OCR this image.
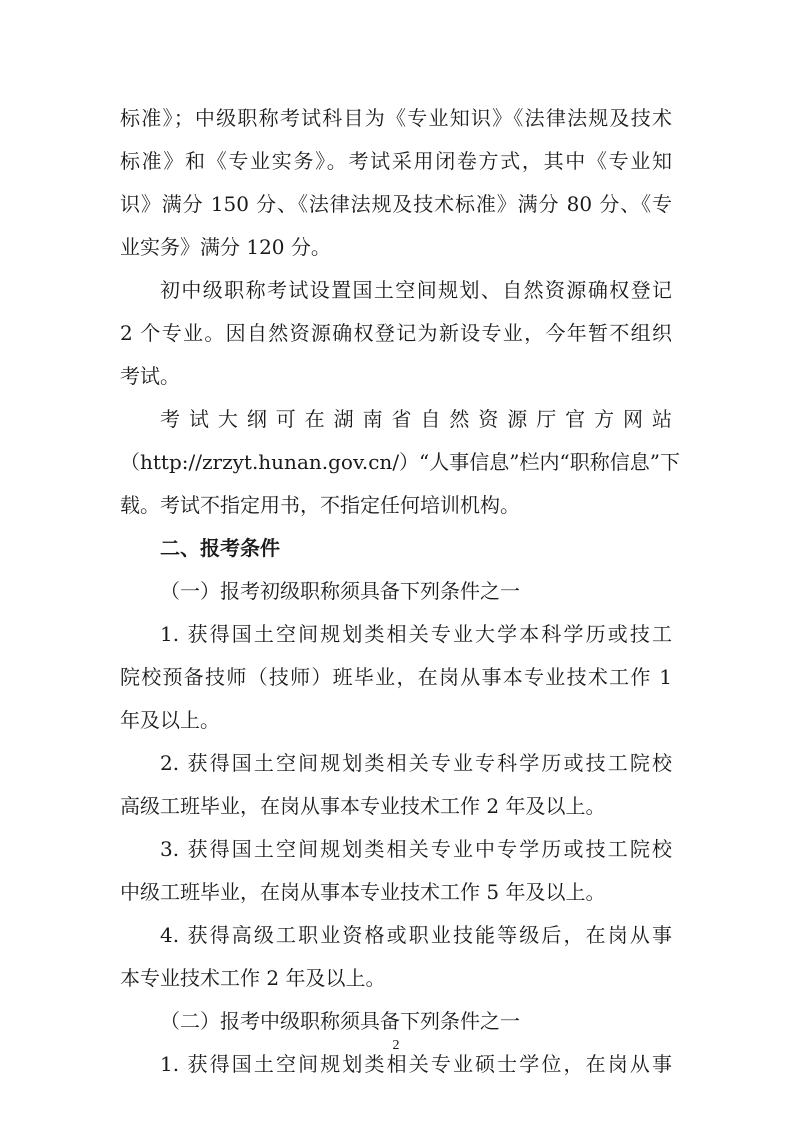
标准》；中级职称考试科目为《专业知识》《法律法规及技术

标准》和《专业实务》。考试采用闭卷方式，其中《专业知

识》满分 150 分、《法律法规及技术标准》满分 80 分、《专

业实务》满分 120 分。

初中级职称考试设置国土空间规划、自然资源确权登记

2 个专业。因自然资源确权登记为新设专业，今年暂不组织

考试。

考试大纲可在湖南省自然资源厅官方网站

（http://zrzyt.hunan.gov.cn/）“人事信息”栏内“职称信息”下

载。考试不指定用书，不指定任何培训机构。

二、报考条件

（一）报考初级职称须具备下列条件之一

1. 获得国土空间规划类相关专业大学本科学历或技工

院校预备技师（技师）班毕业，在岗从事本专业技术工作 1

年及以上。

2. 获得国土空间规划类相关专业专科学历或技工院校

高级工班毕业，在岗从事本专业技术工作 2 年及以上。

3. 获得国土空间规划类相关专业中专学历或技工院校

中级工班毕业，在岗从事本专业技术工作 5 年及以上。

4. 获得高级工职业资格或职业技能等级后，在岗从事

本专业技术工作 2 年及以上。

（二）报考中级职称须具备下列条件之一

1. 获得国土空间规划类相关专业硕士学位，在岗从事

2
